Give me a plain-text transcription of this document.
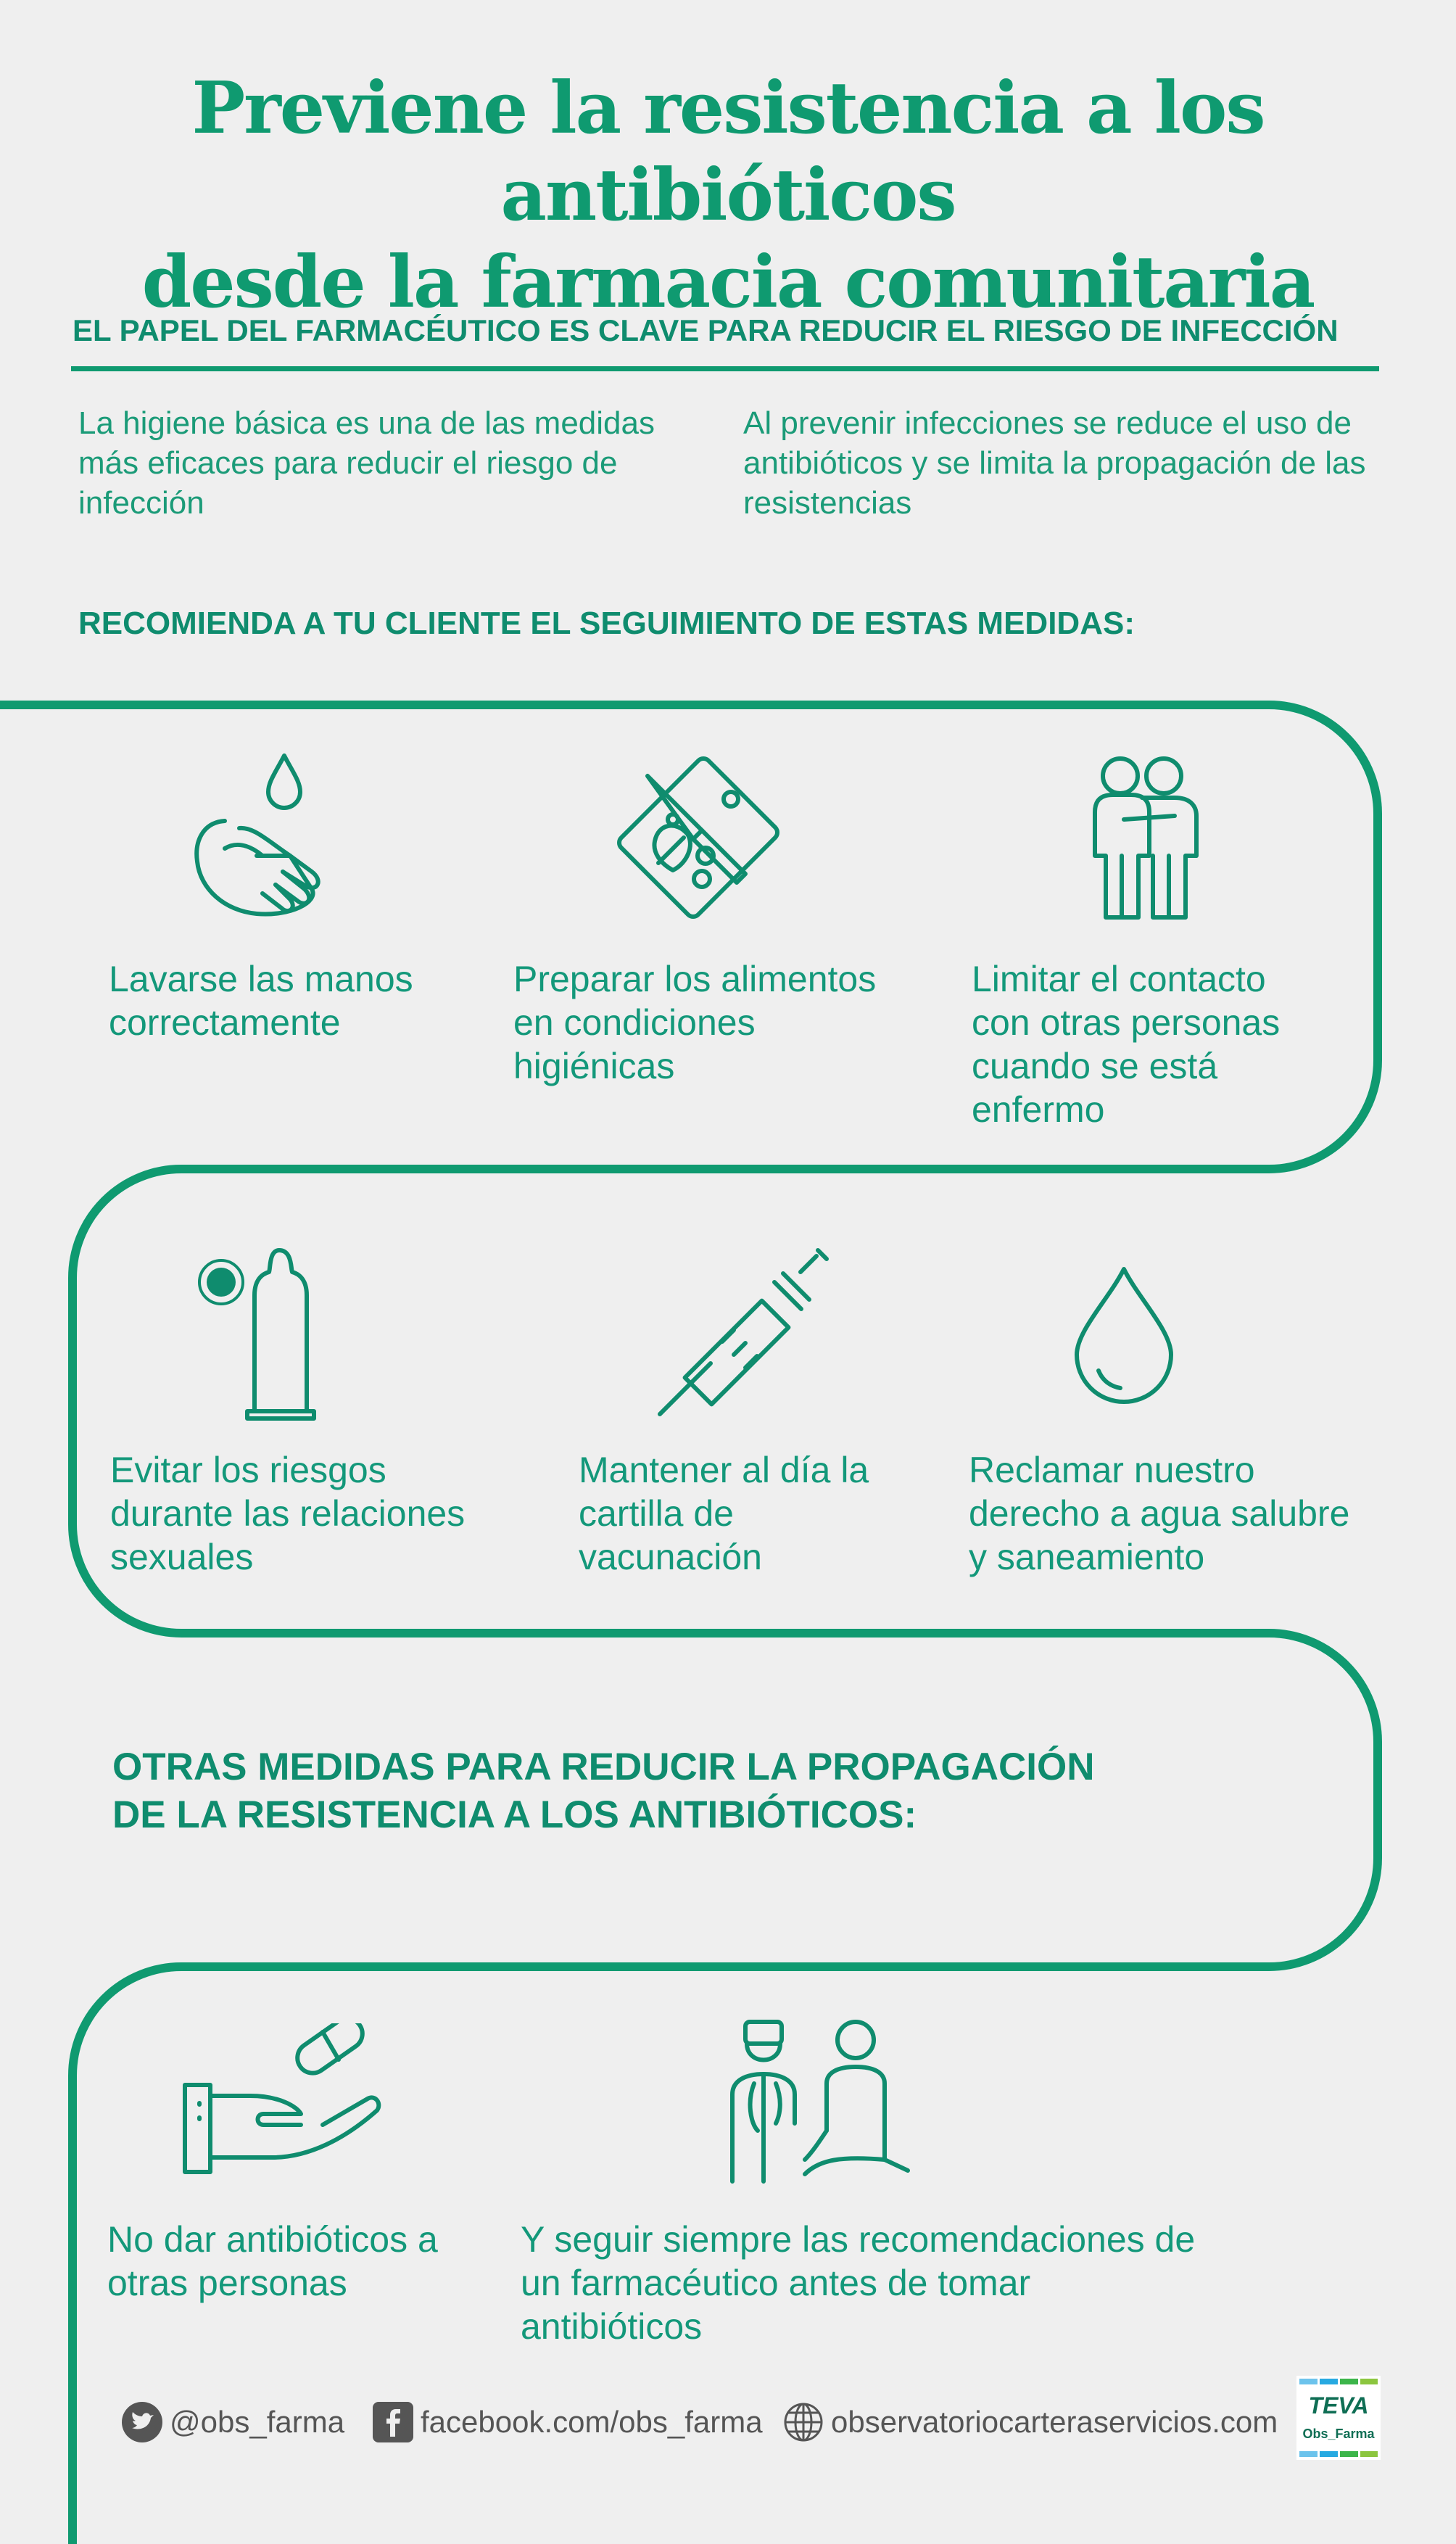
Previene la resistencia a los antibióticos
desde la farmacia comunitaria
EL PAPEL DEL FARMACÉUTICO ES CLAVE PARA REDUCIR EL RIESGO DE INFECCIÓN
La higiene básica es una de las medidas más eficaces para reducir el riesgo de infección
Al prevenir infecciones se reduce el uso de antibióticos y se limita la propagación de las resistencias
RECOMIENDA A TU CLIENTE EL SEGUIMIENTO DE ESTAS MEDIDAS:
Lavarse las manos correctamente
Preparar los alimentos en condiciones higiénicas
Limitar el contacto con otras personas cuando se está enfermo
Evitar los riesgos durante las relaciones sexuales
Mantener al día la cartilla de vacunación
Reclamar nuestro derecho a agua salubre y saneamiento
OTRAS MEDIDAS PARA REDUCIR LA PROPAGACIÓN
DE LA RESISTENCIA A LOS ANTIBIÓTICOS:
No dar antibióticos a otras personas
Y seguir siempre las recomendaciones de un farmacéutico antes de tomar antibióticos
@obs_farma facebook.com/obs_farma observatoriocarteraservicios.com TEVA
Obs_Farma
